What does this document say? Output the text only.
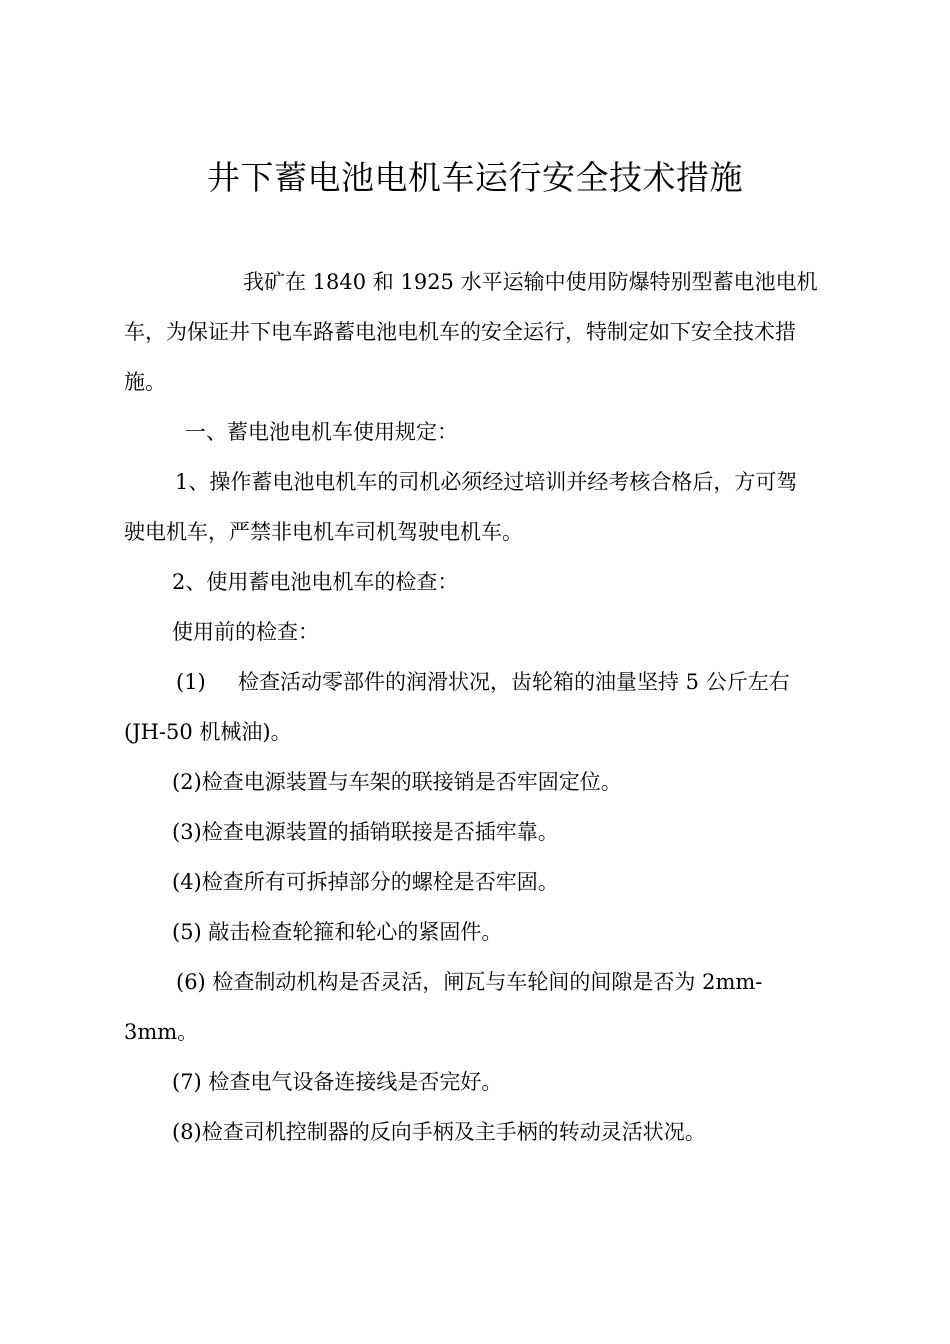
井下蓄电池电机车运行安全技术措施
我矿在 1840 和 1925 水平运输中使用防爆特别型蓄电池电机
车，为保证井下电车路蓄电池电机车的安全运行，特制定如下安全技术措
施。
一、蓄电池电机车使用规定：
1、操作蓄电池电机车的司机必须经过培训并经考核合格后，方可驾
驶电机车，严禁非电机车司机驾驶电机车。
2、使用蓄电池电机车的检查：
使用前的检查：
(1) 检查活动零部件的润滑状况，齿轮箱的油量坚持 5 公斤左右
(JH-50 机械油)。
(2)检查电源装置与车架的联接销是否牢固定位。
(3)检查电源装置的插销联接是否插牢靠。
(4)检查所有可拆掉部分的螺栓是否牢固。
(5) 敲击检查轮箍和轮心的紧固件。
(6) 检查制动机构是否灵活，闸瓦与车轮间的间隙是否为 2mm-
3mm。
(7) 检查电气设备连接线是否完好。
(8)检查司机控制器的反向手柄及主手柄的转动灵活状况。
